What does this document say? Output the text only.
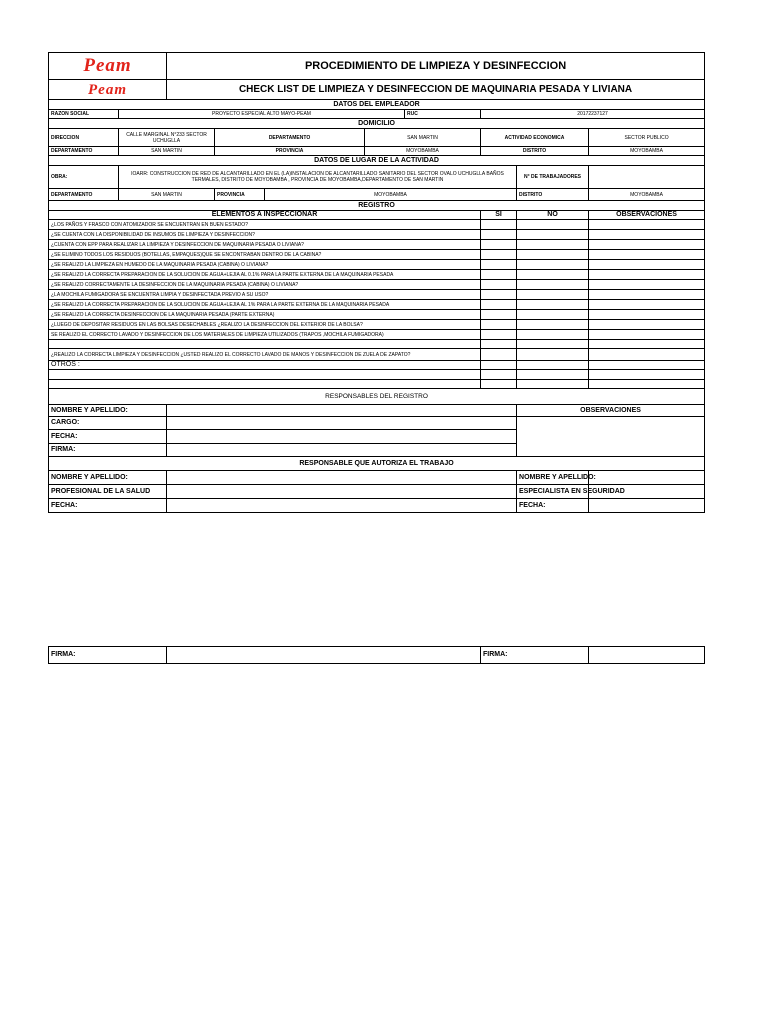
Peam		PROCEDIMIENTO DE LIMPIEZA Y DESINFECCION							
Peam		CHECK LIST DE LIMPIEZA Y DESINFECCION DE MAQUINARIA PESADA Y LIVIANA							
DATOS DEL EMPLEADOR									
RAZON SOCIAL	PROYECTO ESPECIAL ALTO MAYO-PEAM					RUC	20172237127		
DOMICILIO									
DIRECCION	CALLE MARGINAL N°233 SECTOR UCHUGLLA		DEPARTAMENTO		SAN MARTIN		ACTIVIDAD ECONOMICA		SECTOR PUBLICO
DEPARTAMENTO	SAN MARTIN		PROVINCIA		MOYOBAMBA		DISTRITO		MOYOBAMBA
DATOS DE LUGAR DE LA ACTIVIDAD									
OBRA:	IOARR: CONSTRUCCION DE RED DE ALCANTARILLADO EN EL (LA)INSTALACION DE ALCANTARILLADO SANITARIO DEL SECTOR OVALO UCHUGLLA BAÑOS TERMALES, DISTRITO DE MOYOBAMBA , PROVINCIA DE MOYOBAMBA,DEPARTAMENTO DE SAN MARTIN							N° DE TRABAJADORES	
DEPARTAMENTO	SAN MARTIN		PROVINCIA	MOYOBAMBA				DISTRITO	MOYOBAMBA
REGISTRO									
ELEMENTOS A INSPECCIONAR							SI	NO	OBSERVACIONES
¿LOS PAÑOS Y FRASCO CON ATOMIZADOR SE ENCUENTRAN EN BUEN ESTADO?									
¿SE CUENTA CON LA DISPONIBILIDAD DE INSUMOS DE LIMPIEZA Y DESINFECCION?									
¿CUENTA CON EPP PARA REALIZAR LA LIMPIEZA Y DESINFECCION DE MAQUINARIA PESADA O LIVIANA?									
¿SE ELIMINO TODOS LOS RESIDUOS (BOTELLAS, EMPAQUES)QUE SE ENCONTRABAN DENTRO DE LA CABINA?									
¿SE REALIZO LA LIMPIEZA EN HUMEDO DE LA MAQUINARIA PESADA (CABINA) O LIVIANA?									
¿SE REALIZO LA CORRECTA PREPARACION DE LA SOLUCION DE AGUA+LEJIA AL 0.1% PARA LA PARTE EXTERNA DE LA MAQUINARIA PESADA									
¿SE REALIZO CORRECTAMENTE LA DESINFECCION DE LA MAQUINARIA PESADA (CABINA) O LIVIANA?									
¿LA MOCHILA FUMIGADORA SE ENCUENTRA LIMPIA Y DESINFECTADA PREVIO A SU USO?									
¿SE REALIZO LA CORRECTA PREPARACION DE LA SOLUCION DE AGUA+LEJIA AL 1% PARA LA PARTE EXTERNA DE LA MAQUINARIA PESADA									
¿SE REALIZO LA CORRECTA DESINFECCION DE LA MAQUINARIA PESADA (PARTE EXTERNA)									
¿LUEGO DE DEPOSITAR RESIDUOS EN LAS BOLSAS DESECHABLES ¿REALIZO LA DESINFECCION DEL EXTERIOR DE LA BOLSA?									
SE REALIZO EL CORRECTO LAVADO Y DESINFECCION DE LOS MATERIALES DE LIMPIEZA UTILIZADOS (TRAPOS ,MOCHILA FUMIGADORA)									

¿REALIZO LA CORRECTA LIMPIEZA Y DESINFECCION ¿USTED REALIZO EL CORRECTO LAVADO DE MANOS Y DESINFECCION DE ZUELA DE ZAPATO?									
OTROS :									

RESPONSABLES DEL REGISTRO									
NOMBRE Y APELLIDO:								OBSERVACIONES	
CARGO:									
FECHA:									
FIRMA:									
RESPONSABLE QUE AUTORIZA EL TRABAJO									
NOMBRE Y APELLIDO:								NOMBRE Y APELLIDO:	
PROFESIONAL DE LA SALUD								ESPECIALISTA EN SEGURIDAD	
FECHA:								FECHA:	
FIRMA:		FIRMA:	
